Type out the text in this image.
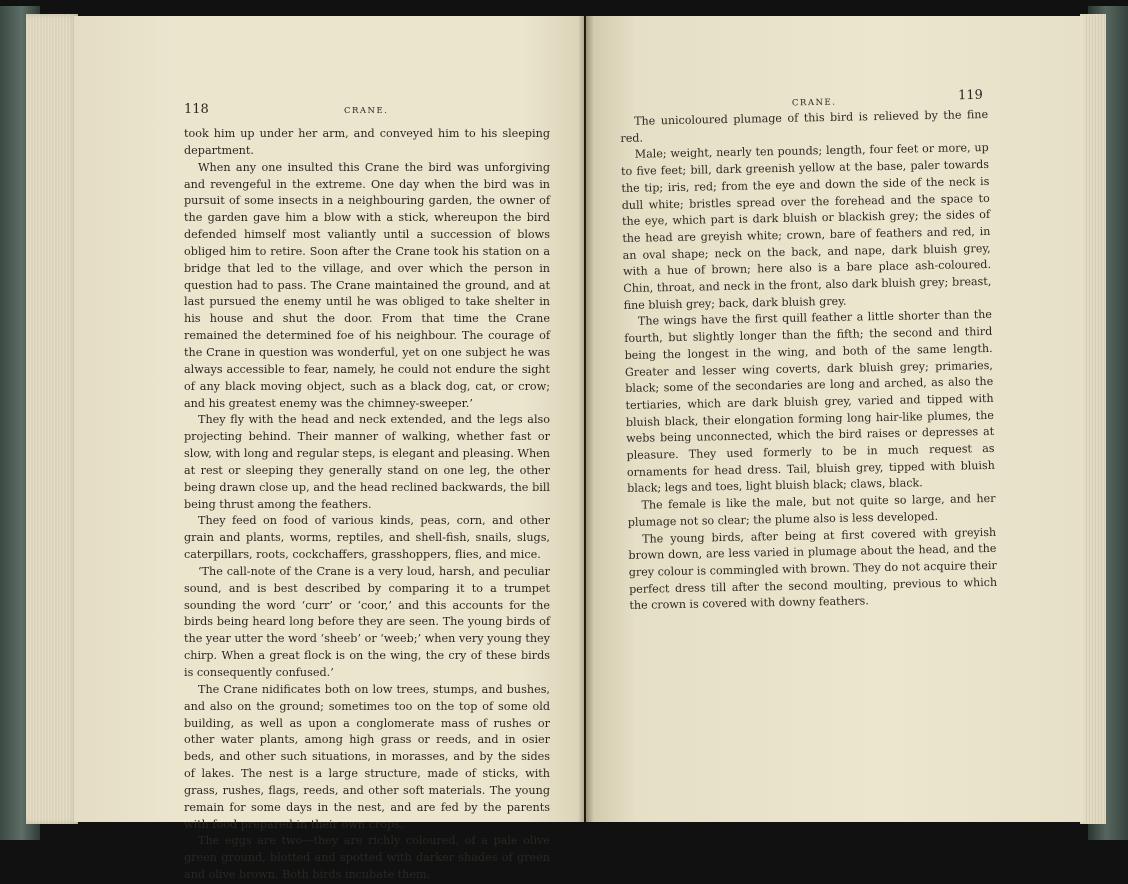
118	CRANE.

took him up under her arm, and conveyed him to his sleeping department.

When any one insulted this Crane the bird was unforgiving and revengeful in the extreme. One day when the bird was in pursuit of some insects in a neighbouring garden, the owner of the garden gave him a blow with a stick, whereupon the bird defended himself most valiantly until a succession of blows obliged him to retire. Soon after the Crane took his station on a bridge that led to the village, and over which the person in question had to pass. The Crane maintained the ground, and at last pursued the enemy until he was obliged to take shelter in his house and shut the door. From that time the Crane remained the determined foe of his neighbour. The courage of the Crane in question was wonderful, yet on one subject he was always accessible to fear, namely, he could not endure the sight of any black moving object, such as a black dog, cat, or crow; and his greatest enemy was the chimney-sweeper.’

They fly with the head and neck extended, and the legs also projecting behind. Their manner of walking, whether fast or slow, with long and regular steps, is elegant and pleasing. When at rest or sleeping they generally stand on one leg, the other being drawn close up, and the head reclined backwards, the bill being thrust among the feathers.

They feed on food of various kinds, peas, corn, and other grain and plants, worms, reptiles, and shell-fish, snails, slugs, caterpillars, roots, cockchaffers, grasshoppers, flies, and mice.

‘The call-note of the Crane is a very loud, harsh, and peculiar sound, and is best described by comparing it to a trumpet sounding the word ‘curr’ or ‘coor,’ and this accounts for the birds being heard long before they are seen. The young birds of the year utter the word ‘sheeb’ or ‘weeb;’ when very young they chirp. When a great flock is on the wing, the cry of these birds is consequently confused.’

The Crane nidificates both on low trees, stumps, and bushes, and also on the ground; sometimes too on the top of some old building, as well as upon a conglomerate mass of rushes or other water plants, among high grass or reeds, and in osier beds, and other such situations, in morasses, and by the sides of lakes. The nest is a large structure, made of sticks, with grass, rushes, flags, reeds, and other soft materials. The young remain for some days in the nest, and are fed by the parents with food prepared in their own crops.

The eggs are two—they are richly coloured, of a pale olive green ground, blotted and spotted with darker shades of green and olive brown. Both birds incubate them.

CRANE.	119

The unicoloured plumage of this bird is relieved by the fine red.

Male; weight, nearly ten pounds; length, four feet or more, up to five feet; bill, dark greenish yellow at the base, paler towards the tip; iris, red; from the eye and down the side of the neck is dull white; bristles spread over the forehead and the space to the eye, which part is dark bluish or blackish grey; the sides of the head are greyish white; crown, bare of feathers and red, in an oval shape; neck on the back, and nape, dark bluish grey, with a hue of brown; here also is a bare place ash-coloured. Chin, throat, and neck in the front, also dark bluish grey; breast, fine bluish grey; back, dark bluish grey.

The wings have the first quill feather a little shorter than the fourth, but slightly longer than the fifth; the second and third being the longest in the wing, and both of the same length. Greater and lesser wing coverts, dark bluish grey; primaries, black; some of the secondaries are long and arched, as also the tertiaries, which are dark bluish grey, varied and tipped with bluish black, their elongation forming long hair-like plumes, the webs being unconnected, which the bird raises or depresses at pleasure. They used formerly to be in much request as ornaments for head dress. Tail, bluish grey, tipped with bluish black; legs and toes, light bluish black; claws, black.

The female is like the male, but not quite so large, and her plumage not so clear; the plume also is less developed.

The young birds, after being at first covered with greyish brown down, are less varied in plumage about the head, and the grey colour is commingled with brown. They do not acquire their perfect dress till after the second moulting, previous to which the crown is covered with downy feathers.
